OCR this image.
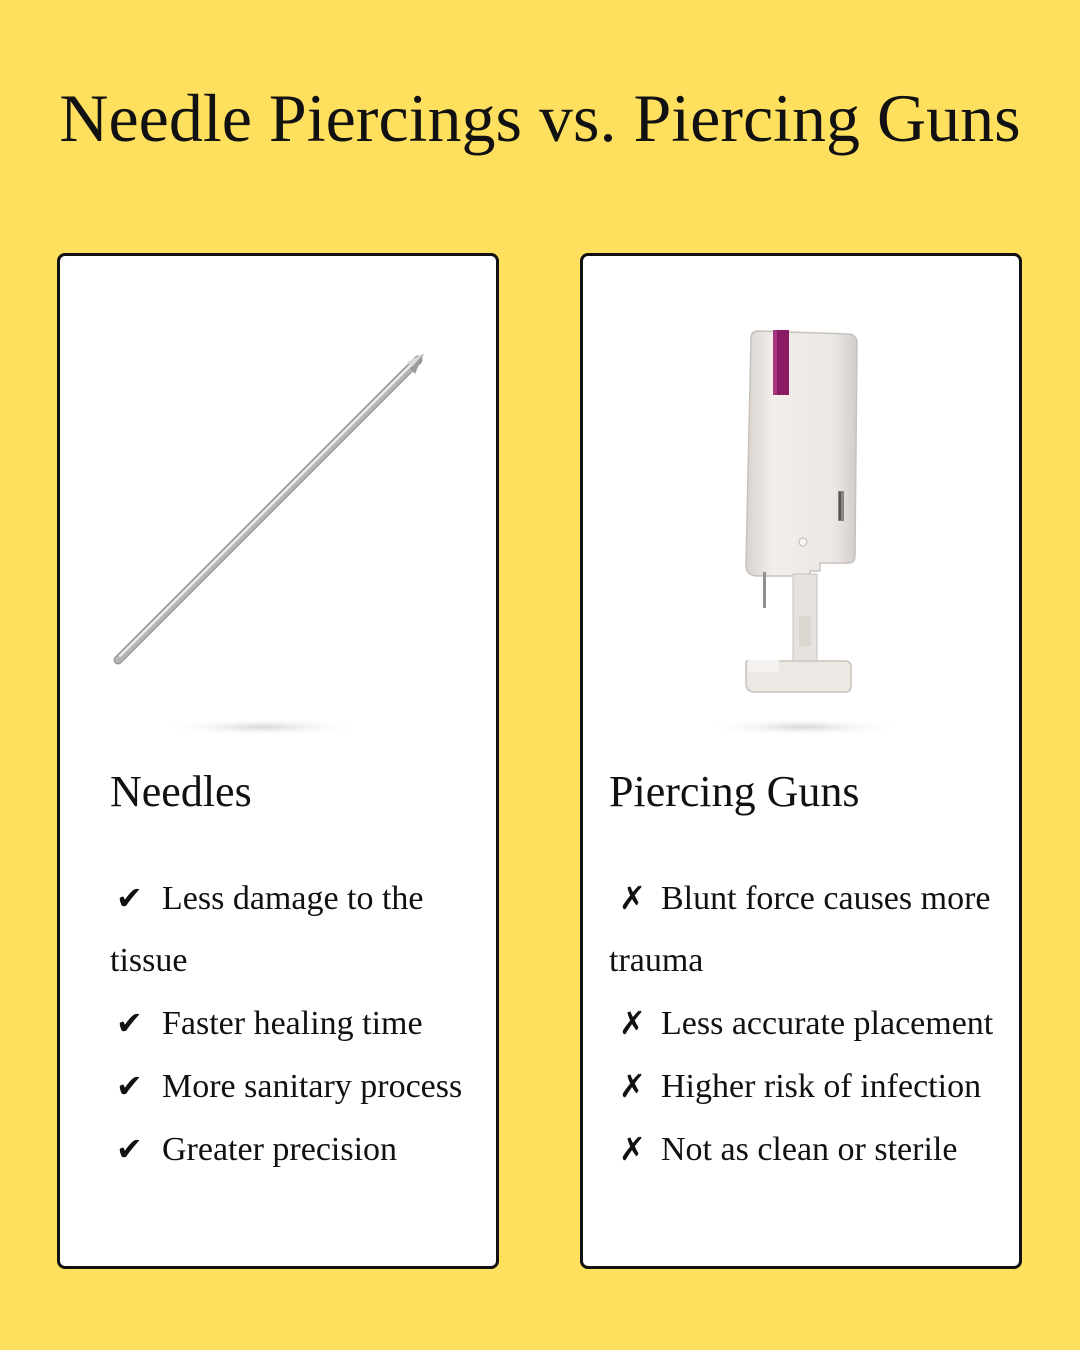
Needle Piercings vs. Piercing Guns
Needles
✔ Less damage to the tissue
✔ Faster healing time
✔ More sanitary process
✔ Greater precision
Piercing Guns
✗ Blunt force causes more trauma
✗ Less accurate placement
✗ Higher risk of infection
✗ Not as clean or sterile
